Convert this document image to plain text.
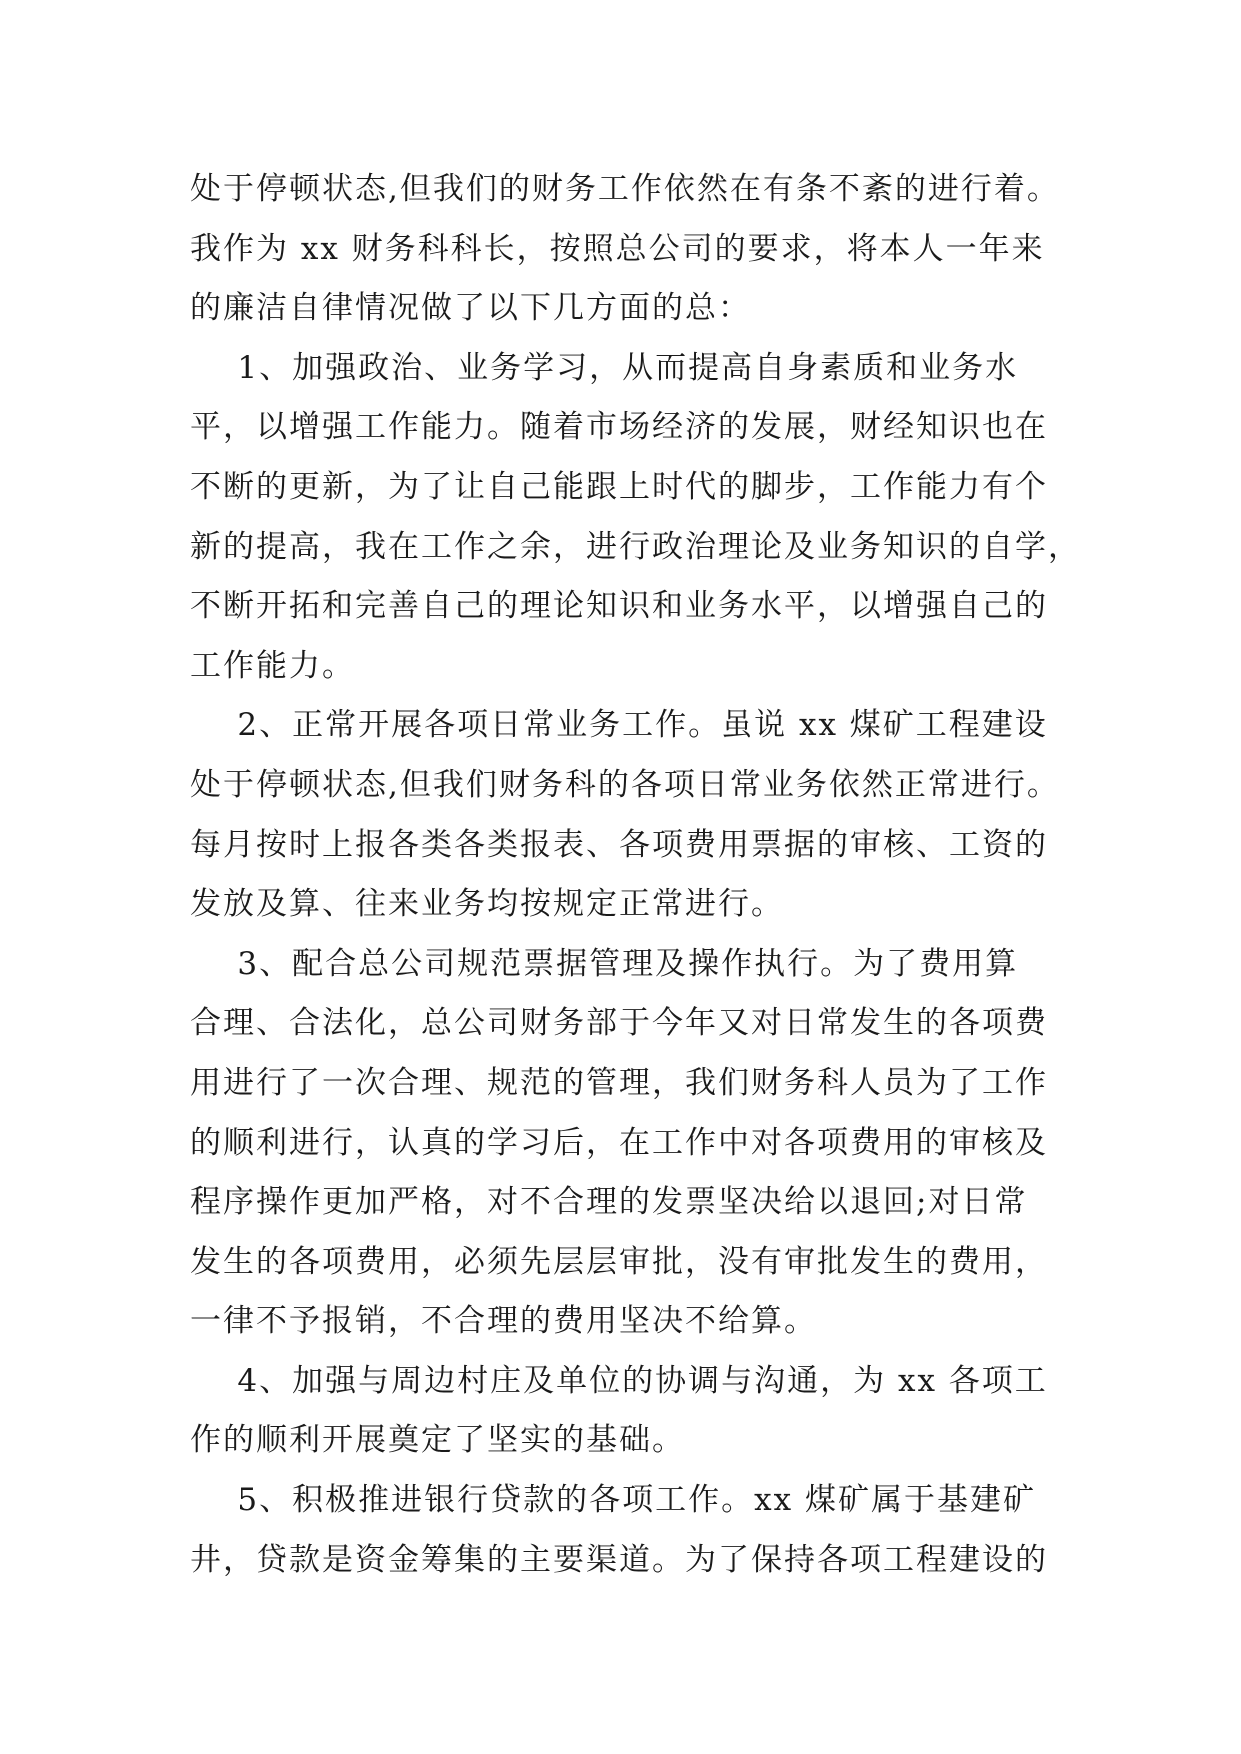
处于停顿状态,但我们的财务工作依然在有条不紊的进行着。
我作为 xx 财务科科长，按照总公司的要求，将本人一年来
的廉洁自律情况做了以下几方面的总：
1、加强政治、业务学习，从而提高自身素质和业务水
平，以增强工作能力。随着市场经济的发展，财经知识也在
不断的更新，为了让自己能跟上时代的脚步，工作能力有个
新的提高，我在工作之余，进行政治理论及业务知识的自学，
不断开拓和完善自己的理论知识和业务水平，以增强自己的
工作能力。
2、正常开展各项日常业务工作。虽说 xx 煤矿工程建设
处于停顿状态,但我们财务科的各项日常业务依然正常进行。
每月按时上报各类各类报表、各项费用票据的审核、工资的
发放及算、往来业务均按规定正常进行。
3、配合总公司规范票据管理及操作执行。为了费用算
合理、合法化，总公司财务部于今年又对日常发生的各项费
用进行了一次合理、规范的管理，我们财务科人员为了工作
的顺利进行，认真的学习后，在工作中对各项费用的审核及
程序操作更加严格，对不合理的发票坚决给以退回;对日常
发生的各项费用，必须先层层审批，没有审批发生的费用，
一律不予报销，不合理的费用坚决不给算。
4、加强与周边村庄及单位的协调与沟通，为 xx 各项工
作的顺利开展奠定了坚实的基础。
5、积极推进银行贷款的各项工作。xx 煤矿属于基建矿
井，贷款是资金筹集的主要渠道。为了保持各项工程建设的
